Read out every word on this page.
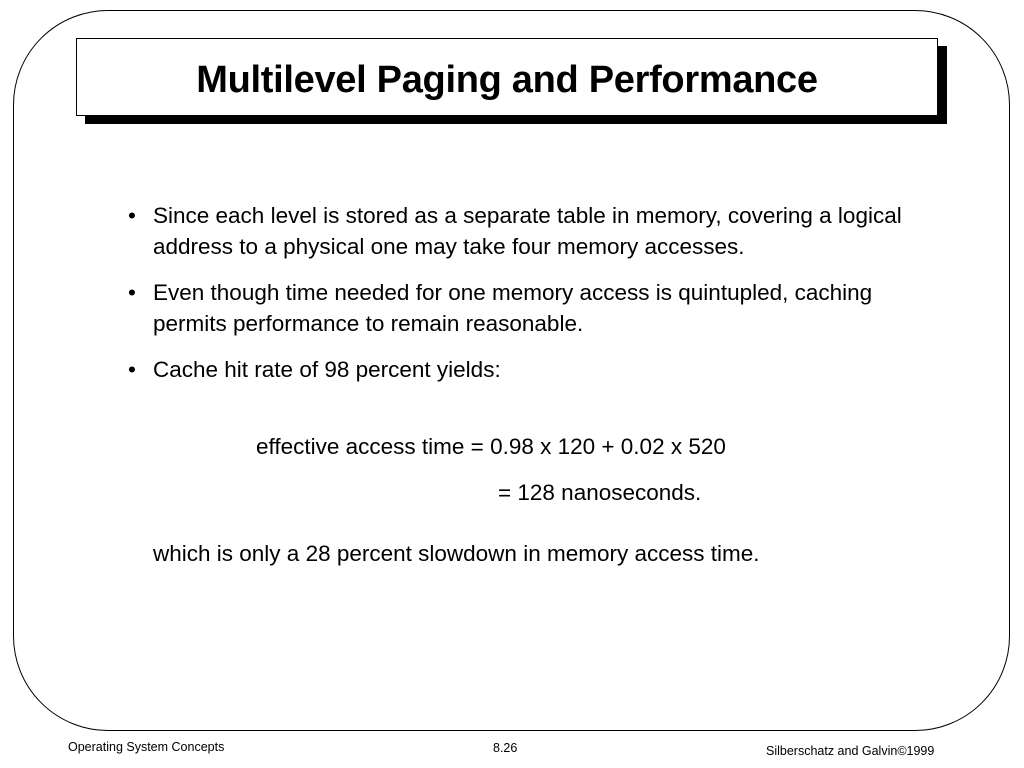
Multilevel Paging and Performance
• Since each level is stored as a separate table in memory, covering a logical address to a physical one may take four memory accesses.
• Even though time needed for one memory access is quintupled, caching permits performance to remain reasonable.
• Cache hit rate of 98 percent yields:
effective access time = 0.98 x 120 + 0.02 x 520
= 128 nanoseconds.
which is only a 28 percent slowdown in memory access time.
Operating System Concepts	8.26	Silberschatz and Galvin©1999
